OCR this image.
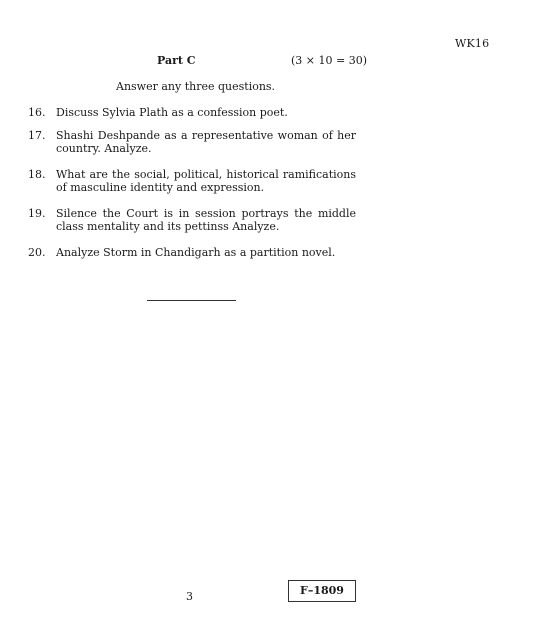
WK16
Part C	(3 × 10 = 30)
Answer any three questions.
16. Discuss Sylvia Plath as a confession poet.
17. Shashi Deshpande as a representative woman of her country. Analyze.
18. What are the social, political, historical ramifications of masculine identity and expression.
19. Silence the Court is in session portrays the middle class mentality and its pettinss Analyze.
20. Analyze Storm in Chandigarh as a partition novel.
3	F–1809
